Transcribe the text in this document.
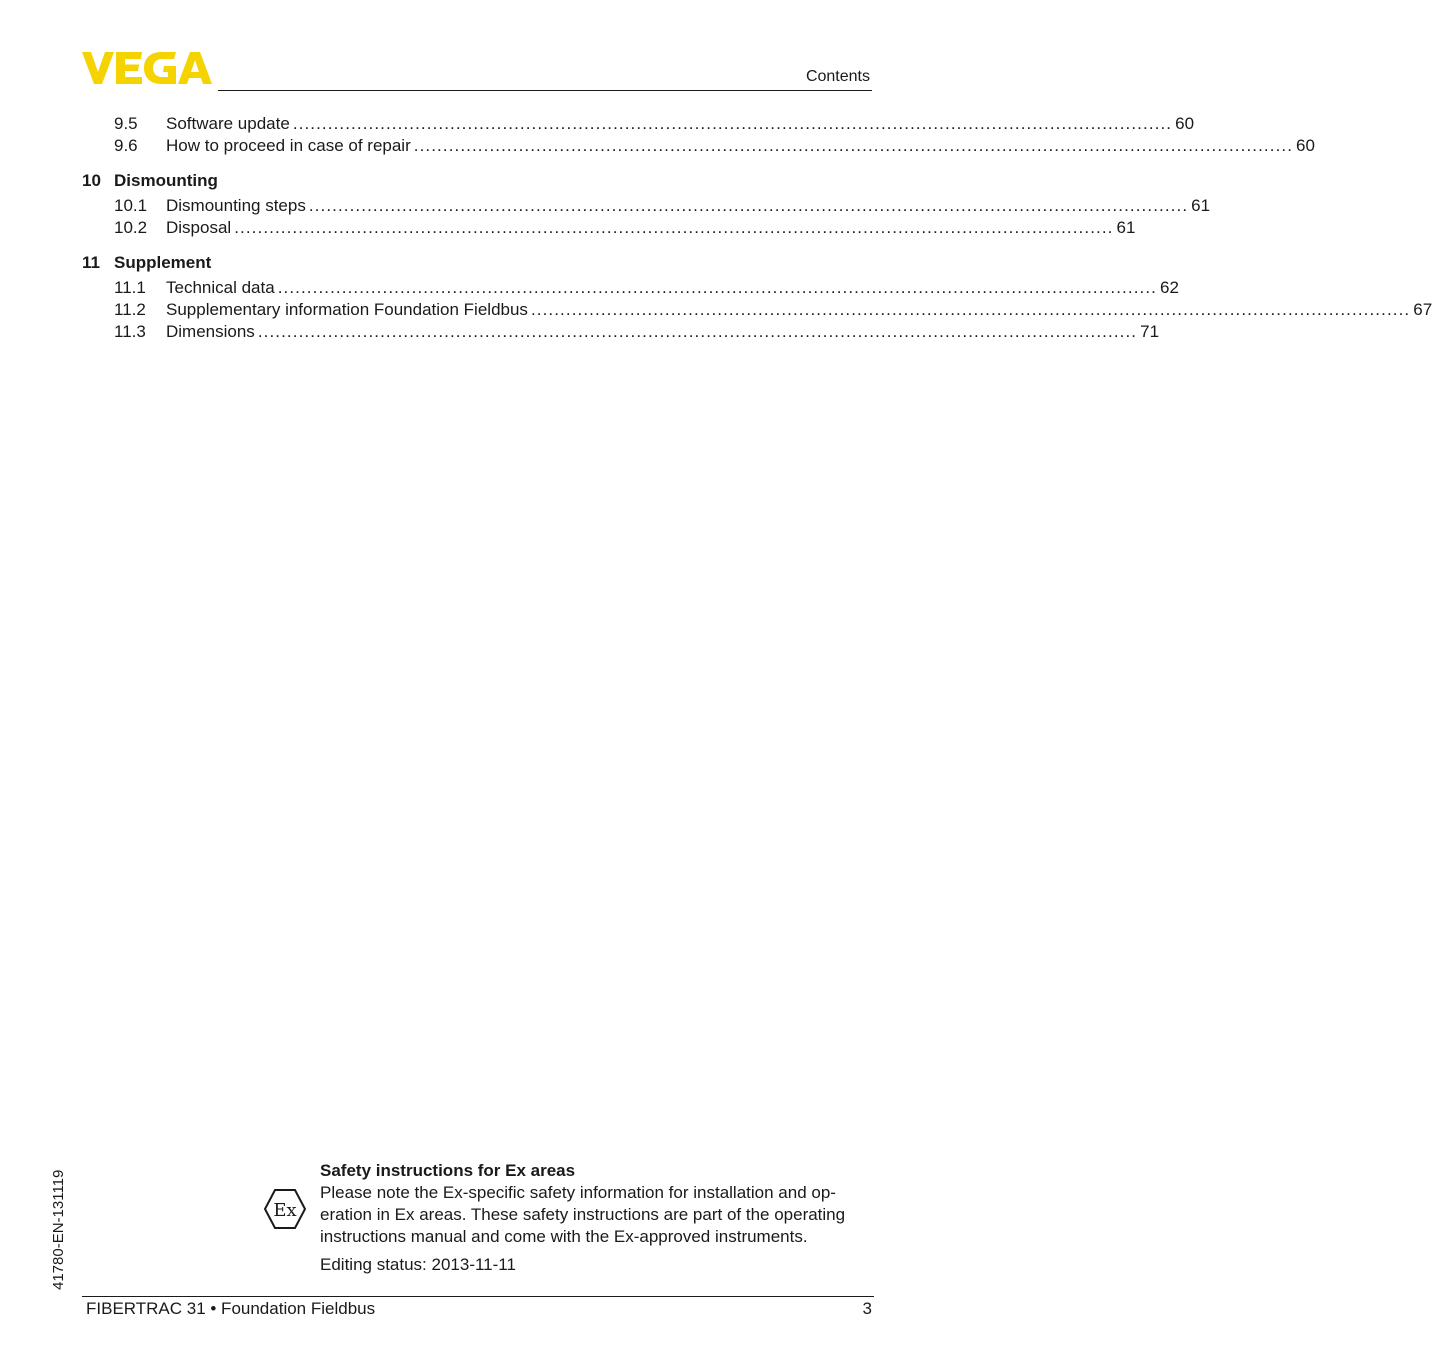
Contents
9.5 Software update ....................................................................................................................................................... 60
9.6 How to proceed in case of repair ....................................................................................................................................................... 60
10 Dismounting
10.1 Dismounting steps ....................................................................................................................................................... 61
10.2 Disposal ....................................................................................................................................................... 61
11 Supplement
11.1 Technical data ....................................................................................................................................................... 62
11.2 Supplementary information Foundation Fieldbus ....................................................................................................................................................... 67
11.3 Dimensions ....................................................................................................................................................... 71
41780-EN-131119	Ex
Safety instructions for Ex areas
Please note the Ex-specific safety information for installation and op-
eration in Ex areas. These safety instructions are part of the operating
instructions manual and come with the Ex-approved instruments.
Editing status: 2013-11-11
FIBERTRAC 31 • Foundation Fieldbus	3
